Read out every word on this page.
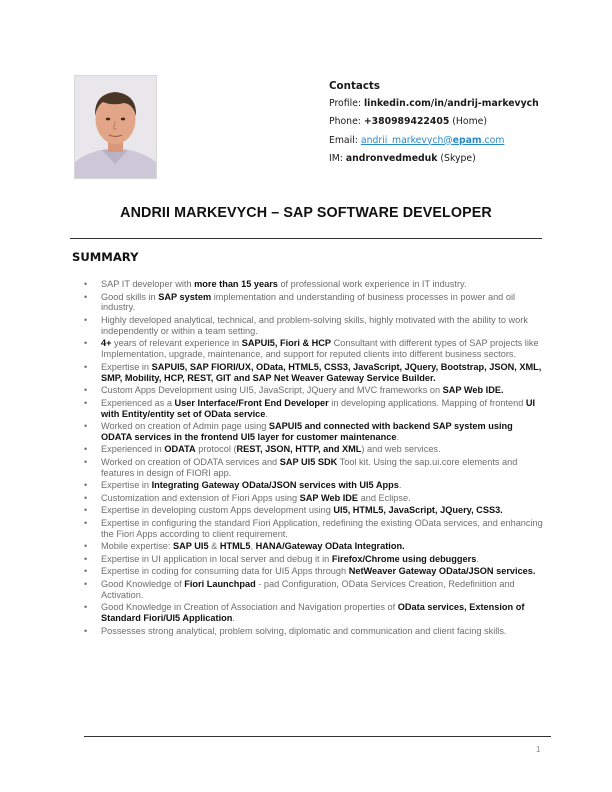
Contacts
Profile: linkedin.com/in/andrij-markevych
Phone: +380989422405 (Home)
Email: andrii_markevych@epam.com
IM: andronvedmeduk (Skype)
ANDRII MARKEVYCH – SAP SOFTWARE DEVELOPER
SUMMARY
• SAP IT developer with more than 15 years of professional work experience in IT industry.
• Good skills in SAP system implementation and understanding of business processes in power and oil industry.
• Highly developed analytical, technical, and problem-solving skills, highly motivated with the ability to work independently or within a team setting.
• 4+ years of relevant experience in SAPUI5, Fiori & HCP Consultant with different types of SAP projects like Implementation, upgrade, maintenance, and support for reputed clients into different business sectors.
• Expertise in SAPUI5, SAP FIORI/UX, OData, HTML5, CSS3, JavaScript, JQuery, Bootstrap, JSON, XML, SMP, Mobility, HCP, REST, GIT and SAP Net Weaver Gateway Service Builder.
• Custom Apps Development using UI5, JavaScript, JQuery and MVC frameworks on SAP Web IDE.
• Experienced as a User Interface/Front End Developer in developing applications. Mapping of frontend UI with Entity/entity set of OData service.
• Worked on creation of Admin page using SAPUI5 and connected with backend SAP system using ODATA services in the frontend UI5 layer for customer maintenance.
• Experienced in ODATA protocol (REST, JSON, HTTP, and XML) and web services.
• Worked on creation of ODATA services and SAP UI5 SDK Tool kit. Using the sap.ui.core elements and features in design of FIORI app.
• Expertise in Integrating Gateway OData/JSON services with UI5 Apps.
• Customization and extension of Fiori Apps using SAP Web IDE and Eclipse.
• Expertise in developing custom Apps development using UI5, HTML5, JavaScript, JQuery, CSS3.
• Expertise in configuring the standard Fiori Application, redefining the existing OData services, and enhancing the Fiori Apps according to client requirement.
• Mobile expertise: SAP UI5 & HTML5, HANA/Gateway OData Integration.
• Expertise in UI application in local server and debug it in Firefox/Chrome using debuggers.
• Expertise in coding for consuming data for UI5 Apps through NetWeaver Gateway OData/JSON services.
• Good Knowledge of Fiori Launchpad - pad Configuration, OData Services Creation, Redefinition and Activation.
• Good Knowledge in Creation of Association and Navigation properties of OData services, Extension of Standard Fiori/UI5 Application.
• Possesses strong analytical, problem solving, diplomatic and communication and client facing skills.
1
